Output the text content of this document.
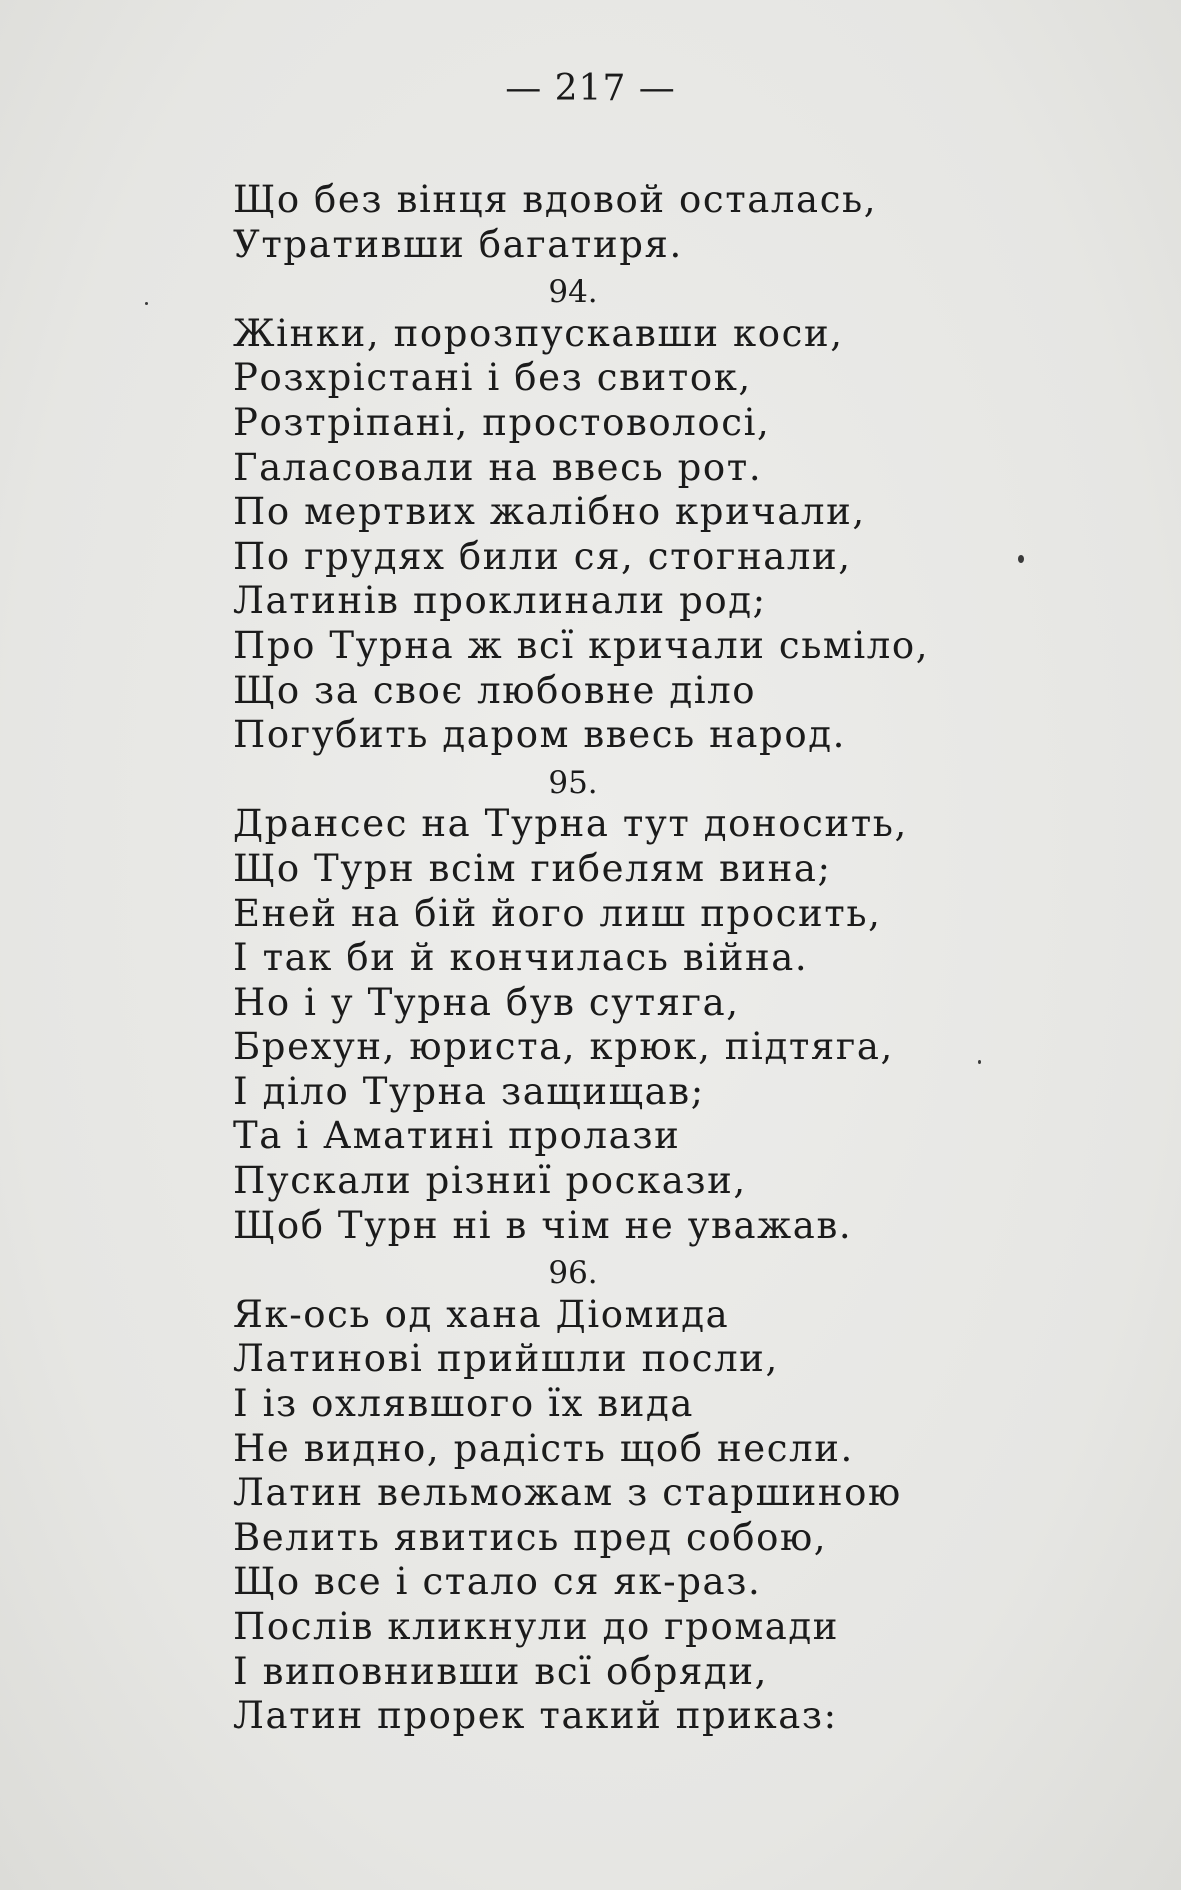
— 217 —
Що без вінця вдовой осталась,
Утративши багатиря.
94.
Жінки, порозпускавши коси,
Розхрістані і без свиток,
Розтріпані, простоволосі,
Галасовали на ввесь рот.
По мертвих жалібно кричали,
По грудях били ся, стогнали,
Латинів проклинали род;
Про Турна ж всї кричали сьміло,
Що за своє любовне діло
Погубить даром ввесь народ.
95.
Дрансес на Турна тут доносить,
Що Турн всім гибелям вина;
Еней на бій його лиш просить,
І так би й кончилась війна.
Но і у Турна був сутяга,
Брехун, юриста, крюк, підтяга,
І діло Турна защищав;
Та і Аматині пролази
Пускали різниї роскази,
Щоб Турн ні в чім не уважав.
96.
Як-ось од хана Діомида
Латинові прийшли посли,
І із охлявшого їх вида
Не видно, радість щоб несли.
Латин вельможам з старшиною
Велить явитись пред собою,
Що все і стало ся як-раз.
Послів кликнули до громади
І виповнивши всї обряди,
Латин прорек такий приказ:
